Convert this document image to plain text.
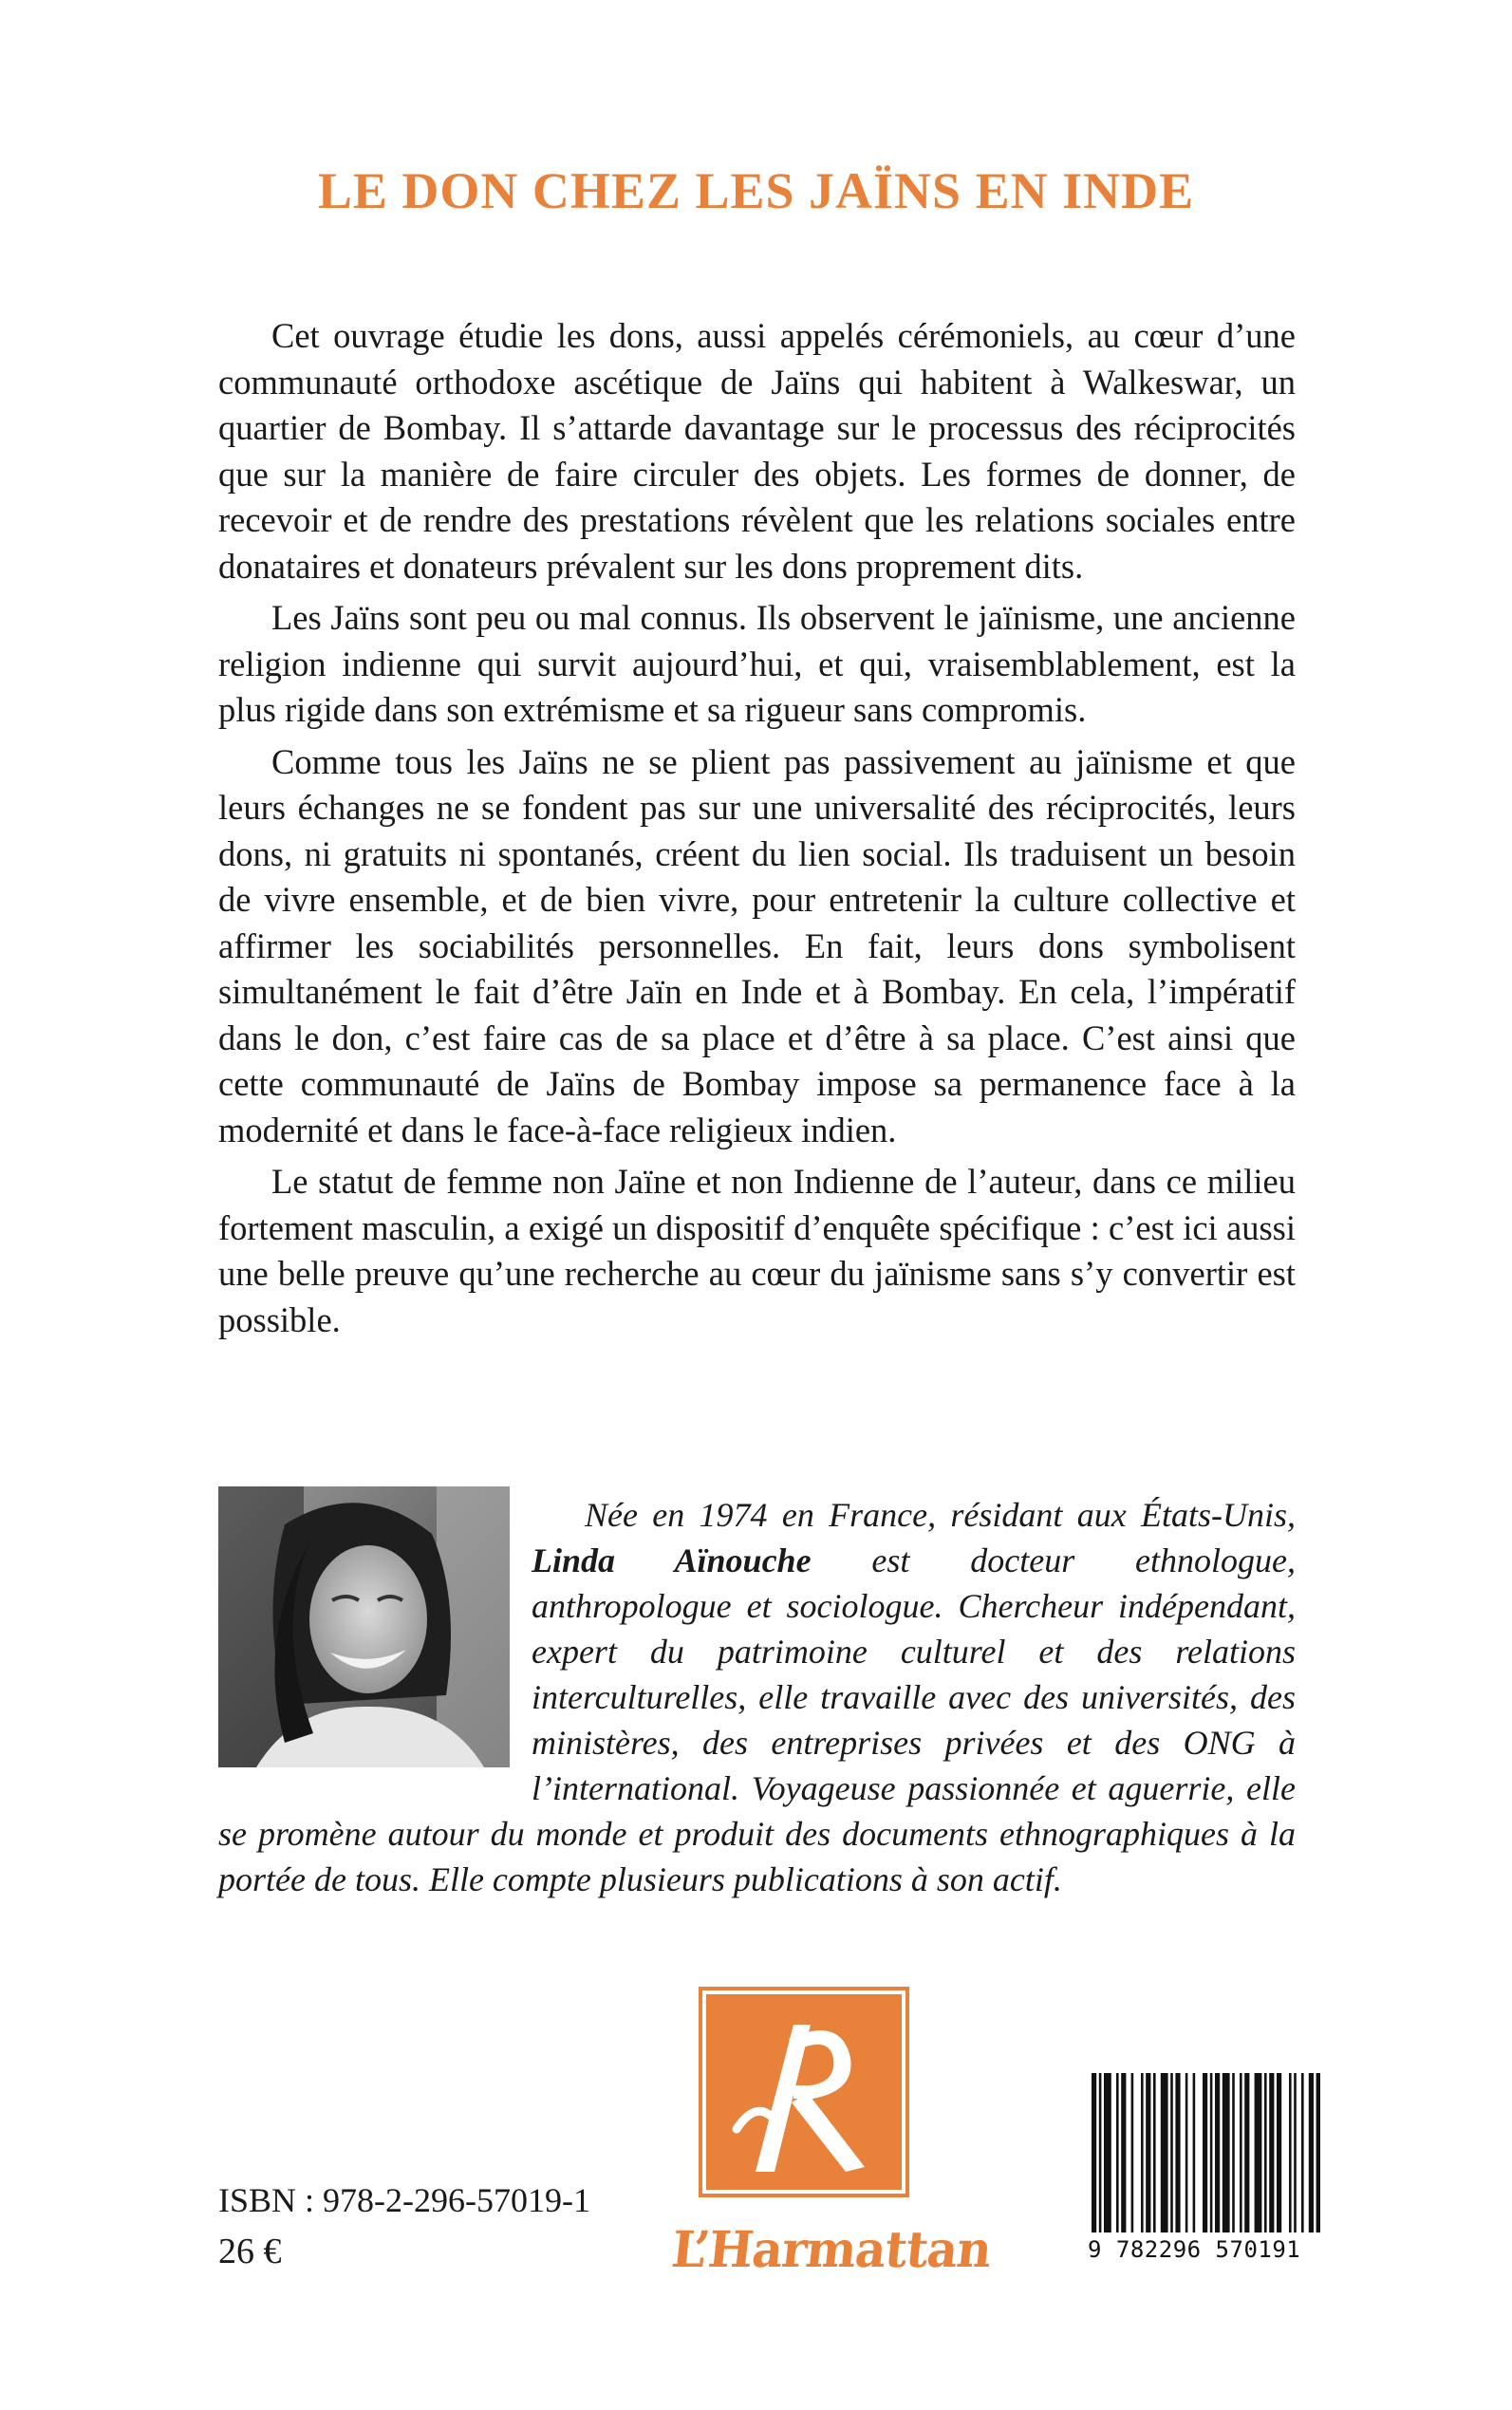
LE DON CHEZ LES JAÏNS EN INDE

Cet ouvrage étudie les dons, aussi appelés cérémoniels, au cœur d’une communauté orthodoxe ascétique de Jaïns qui habitent à Walkeswar, un quartier de Bombay. Il s’attarde davantage sur le processus des réciprocités que sur la manière de faire circuler des objets. Les formes de donner, de recevoir et de rendre des prestations révèlent que les relations sociales entre donataires et donateurs prévalent sur les dons proprement dits.

Les Jaïns sont peu ou mal connus. Ils observent le jaïnisme, une ancienne religion indienne qui survit aujourd’hui, et qui, vraisemblablement, est la plus rigide dans son extrémisme et sa rigueur sans compromis.

Comme tous les Jaïns ne se plient pas passivement au jaïnisme et que leurs échanges ne se fondent pas sur une universalité des réciprocités, leurs dons, ni gratuits ni spontanés, créent du lien social. Ils traduisent un besoin de vivre ensemble, et de bien vivre, pour entretenir la culture collective et affirmer les sociabilités personnelles. En fait, leurs dons symbolisent simultanément le fait d’être Jaïn en Inde et à Bombay. En cela, l’impératif dans le don, c’est faire cas de sa place et d’être à sa place. C’est ainsi que cette communauté de Jaïns de Bombay impose sa permanence face à la modernité et dans le face-à-face religieux indien.

Le statut de femme non Jaïne et non Indienne de l’auteur, dans ce milieu fortement masculin, a exigé un dispositif d’enquête spécifique : c’est ici aussi une belle preuve qu’une recherche au cœur du jaïnisme sans s’y convertir est possible.

Née en 1974 en France, résidant aux États-Unis, Linda Aïnouche est docteur ethnologue, anthropologue et sociologue. Chercheur indépendant, expert du patrimoine culturel et des relations interculturelles, elle travaille avec des universités, des ministères, des entreprises privées et des ONG à l’international. Voyageuse passionnée et aguerrie, elle se promène autour du monde et produit des documents ethnographiques à la portée de tous. Elle compte plusieurs publications à son actif.
L’Harmattan
ISBN : 978-2-296-57019-1
26 €	9 782296 570191
